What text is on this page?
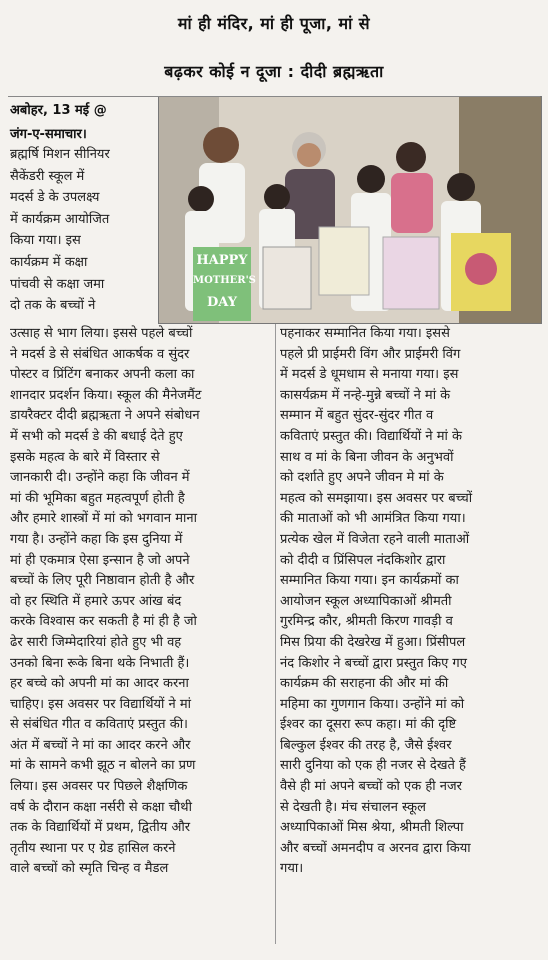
मां ही मंदिर, मां ही पूजा, मां से
बढ़कर कोई न दूजा : दीदी ब्रह्मऋता
अबोहर, 13 मई @
जंग-ए-समाचार।
ब्रह्मर्षि मिशन सीनियर
सैकेंडरी स्कूल में
मदर्स डे के उपलक्ष्य
में कार्यक्रम आयोजित
किया गया। इस
कार्यक्रम में कक्षा
पांचवी से कक्षा जमा
दो तक के बच्चों ने
HAPPY
MOTHER'S
DAY
उत्साह से भाग लिया। इससे पहले बच्चों
ने मदर्स डे से संबंधित आकर्षक व सुंदर
पोस्टर व प्रिंटिंग बनाकर अपनी कला का
शानदार प्रदर्शन किया। स्कूल की मैनेजमैंट
डायरैक्टर दीदी ब्रह्मऋता ने अपने संबोधन
में सभी को मदर्स डे की बधाई देते हुए
इसके महत्व के बारे में विस्तार से
जानकारी दी। उन्होंने कहा कि जीवन में
मां की भूमिका बहुत महत्वपूर्ण होती है
और हमारे शास्त्रों में मां को भगवान माना
गया है। उन्होंने कहा कि इस दुनिया में
मां ही एकमात्र ऐसा इन्सान है जो अपने
बच्चों के लिए पूरी निष्ठावान होती है और
वो हर स्थिति में हमारे ऊपर आंख बंद
करके विश्वास कर सकती है मां ही है जो
ढेर सारी जिम्मेदारियां होते हुए भी वह
उनको बिना रूके बिना थके निभाती हैं।
हर बच्चे को अपनी मां का आदर करना
चाहिए। इस अवसर पर विद्यार्थियों ने मां
से संबंधित गीत व कविताएं प्रस्तुत की।
अंत में बच्चों ने मां का आदर करने और
मां के सामने कभी झूठ न बोलने का प्रण
लिया। इस अवसर पर पिछले शैक्षणिक
वर्ष के दौरान कक्षा नर्सरी से कक्षा चौथी
तक के विद्यार्थियों में प्रथम, द्वितीय और
तृतीय स्थाना पर ए ग्रेड हासिल करने
वाले बच्चों को स्मृति चिन्ह व मैडल
पहनाकर सम्मानित किया गया। इससे
पहले प्री प्राईमरी विंग और प्राईमरी विंग
में मदर्स डे धूमधाम से मनाया गया। इस
कासर्यक्रम में नन्हे-मुन्ने बच्चों ने मां के
सम्मान में बहुत सुंदर-सुंदर गीत व
कविताएं प्रस्तुत की। विद्यार्थियों ने मां के
साथ व मां के बिना जीवन के अनुभवों
को दर्शाते हुए अपने जीवन मे मां के
महत्व को समझाया। इस अवसर पर बच्चों
की माताओं को भी आमंत्रित किया गया।
प्रत्येक खेल में विजेता रहने वाली माताओं
को दीदी व प्रिंसिपल नंदकिशोर द्वारा
सम्मानित किया गया। इन कार्यक्रमों का
आयोजन स्कूल अध्यापिकाओं श्रीमती
गुरमिन्द्र कौर, श्रीमती किरण गावड़ी व
मिस प्रिया की देखरेख में हुआ। प्रिंसीपल
नंद किशोर ने बच्चों द्वारा प्रस्तुत किए गए
कार्यक्रम की सराहना की और मां की
महिमा का गुणगान किया। उन्होंने मां को
ईश्वर का दूसरा रूप कहा। मां की दृष्टि
बिल्कुल ईश्वर की तरह है, जैसे ईश्वर
सारी दुनिया को एक ही नजर से देखते हैं
वैसे ही मां अपने बच्चों को एक ही नजर
से देखती है। मंच संचालन स्कूल
अध्यापिकाओं मिस श्रेया, श्रीमती शिल्पा
और बच्चों अमनदीप व अरनव द्वारा किया
गया।
